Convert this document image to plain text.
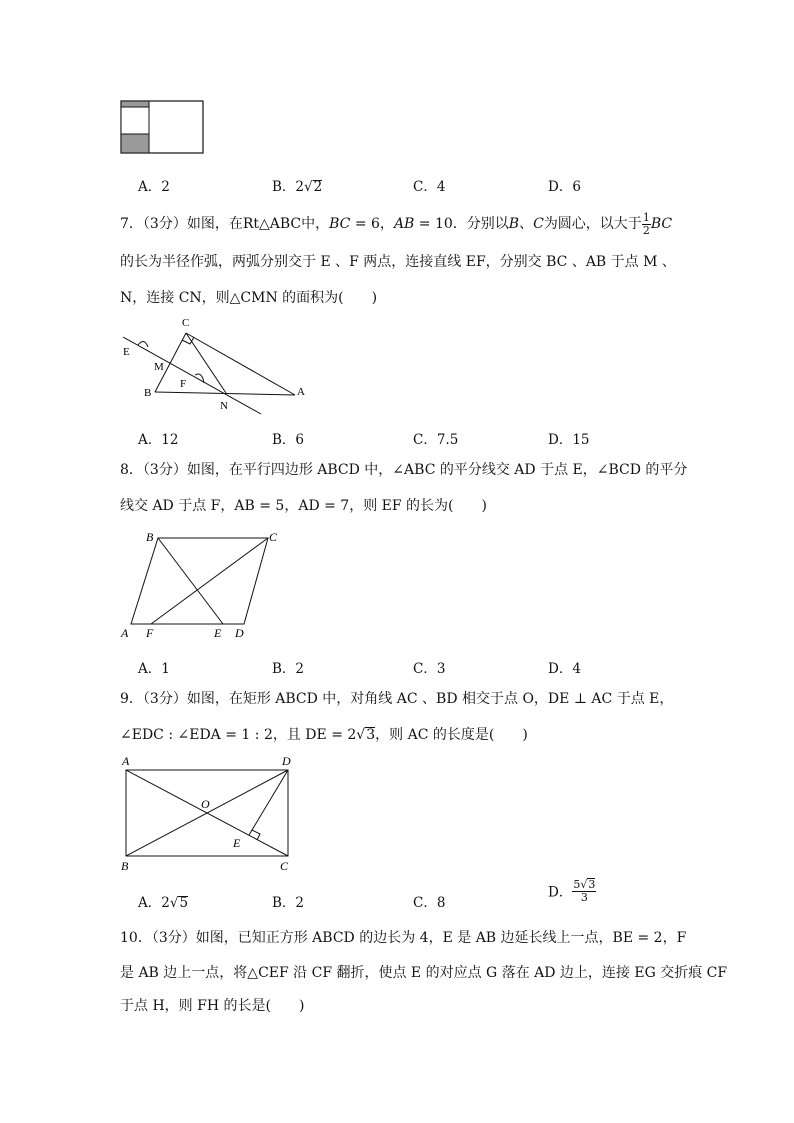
A．2	B．2√2	C．4	D．6
7．（3分）如图，在Rt△ABC中，BC = 6，AB = 10．分别以B、C为圆心，以大于 $\frac{1}{2}$ BC
的长为半径作弧，两弧分别交于 E 、F 两点，连接直线 EF，分别交 BC 、AB 于点 M 、
N，连接 CN，则△CMN 的面积为(　　)
C
E
M
F
B
N
A
A．12	B．6	C．7.5	D．15
8．（3分）如图，在平行四边形 ABCD 中，∠ABC 的平分线交 AD 于点 E，∠BCD 的平分
线交 AD 于点 F，AB = 5，AD = 7，则 EF 的长为(　　)
B	C
A F	E D
A．1	B．2	C．3	D．4
9．（3分）如图，在矩形 ABCD 中，对角线 AC 、BD 相交于点 O，DE ⊥ AC 于点 E，
∠EDC : ∠EDA = 1 : 2，且 DE = 2√3，则 AC 的长度是(　　)
A	D
O
E
B	C
A．2√5	B．2	C．8
D． $\frac{5√3}{3}$
10．（3分）如图，已知正方形 ABCD 的边长为 4，E 是 AB 边延长线上一点，BE = 2，F
是 AB 边上一点，将△CEF 沿 CF 翻折，使点 E 的对应点 G 落在 AD 边上，连接 EG 交折痕 CF
于点 H，则 FH 的长是(　　)
